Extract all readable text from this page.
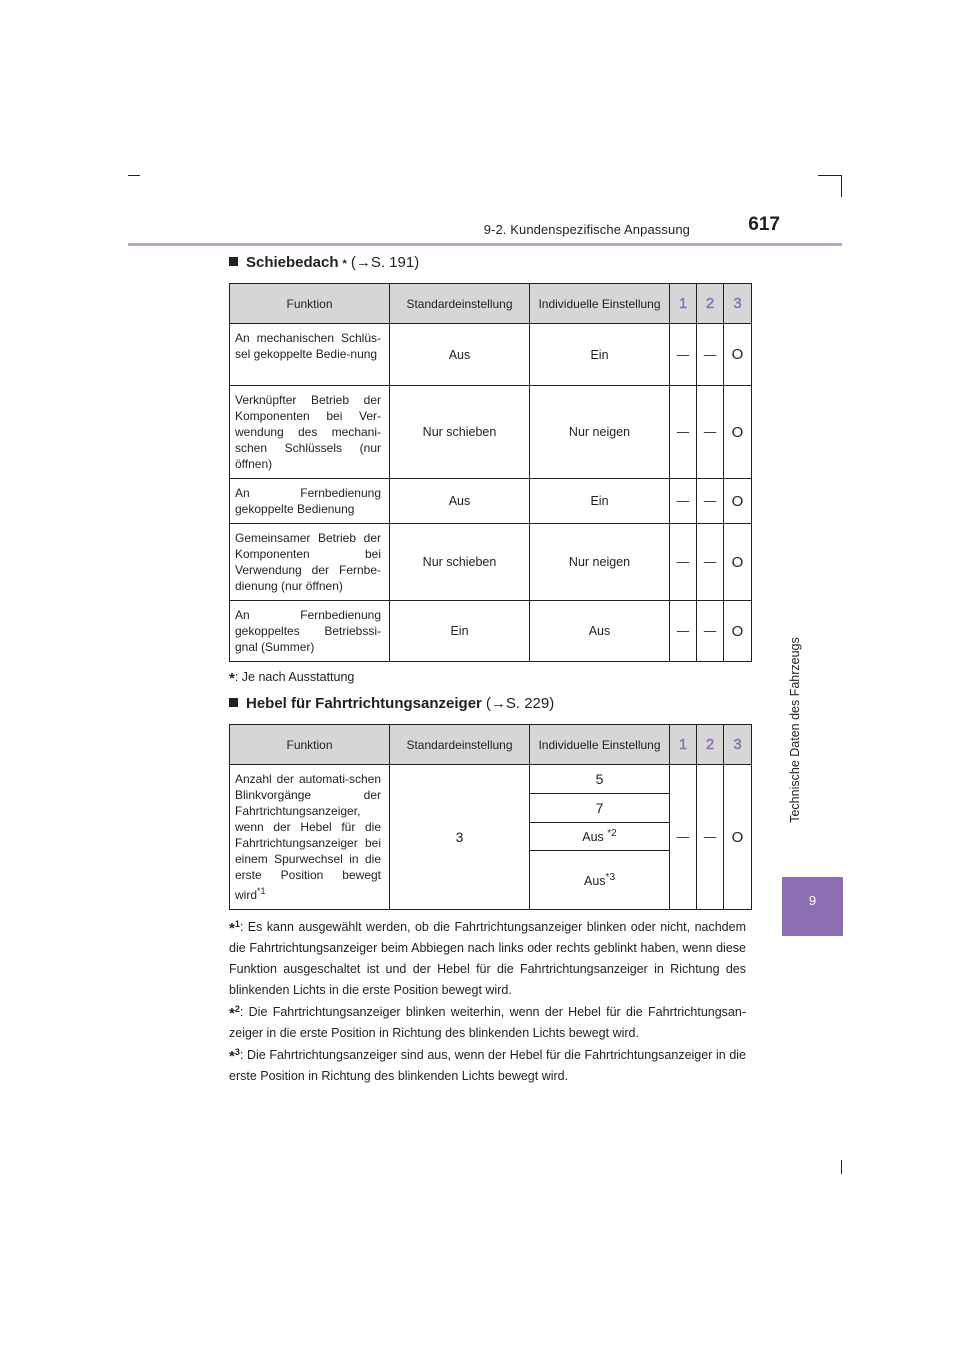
9-2. Kundenspezifische Anpassung	617
Technische Daten des Fahrzeugs
9
Schiebedach * (→S. 191)
Funktion	Standardeinstellung	Individuelle Einstellung	1	2	3
An mechanischen Schlüs-sel gekoppelte Bedie-nung	Aus	Ein	—	—	O
Verknüpfter Betrieb der Komponenten bei Ver-wendung des mechani-schen Schlüssels (nur öffnen)	Nur schieben	Nur neigen	—	—	O
An Fernbedienung gekoppelte Bedienung	Aus	Ein	—	—	O
Gemeinsamer Betrieb der Komponenten bei Verwendung der Fernbe-dienung (nur öffnen)	Nur schieben	Nur neigen	—	—	O
An Fernbedienung gekoppeltes Betriebssi-gnal (Summer)	Ein	Aus	—	—	O
*: Je nach Ausstattung
Hebel für Fahrtrichtungsanzeiger (→S. 229)
Funktion	Standardeinstellung	Individuelle Einstellung	1	2	3
Anzahl der automati-schen Blinkvorgänge der Fahrtrichtungsanzeiger, wenn der Hebel für die Fahrtrichtungsanzeiger bei einem Spurwechsel in die erste Position bewegt wird$^{*1}$	3	5	—	—	O
		7			
		Aus $^{*2}$
		Aus$^{*3}$
*$^1$: Es kann ausgewählt werden, ob die Fahrtrichtungsanzeiger blinken oder nicht, nachdem die Fahrtrichtungsanzeiger beim Abbiegen nach links oder rechts geblinkt haben, wenn diese Funktion ausgeschaltet ist und der Hebel für die Fahrtrichtungsanzeiger in Richtung des blinkenden Lichts in die erste Position bewegt wird.
*$^2$: Die Fahrtrichtungsanzeiger blinken weiterhin, wenn der Hebel für die Fahrtrichtungsan-zeiger in die erste Position in Richtung des blinkenden Lichts bewegt wird.
*$^3$: Die Fahrtrichtungsanzeiger sind aus, wenn der Hebel für die Fahrtrichtungsanzeiger in die erste Position in Richtung des blinkenden Lichts bewegt wird.
